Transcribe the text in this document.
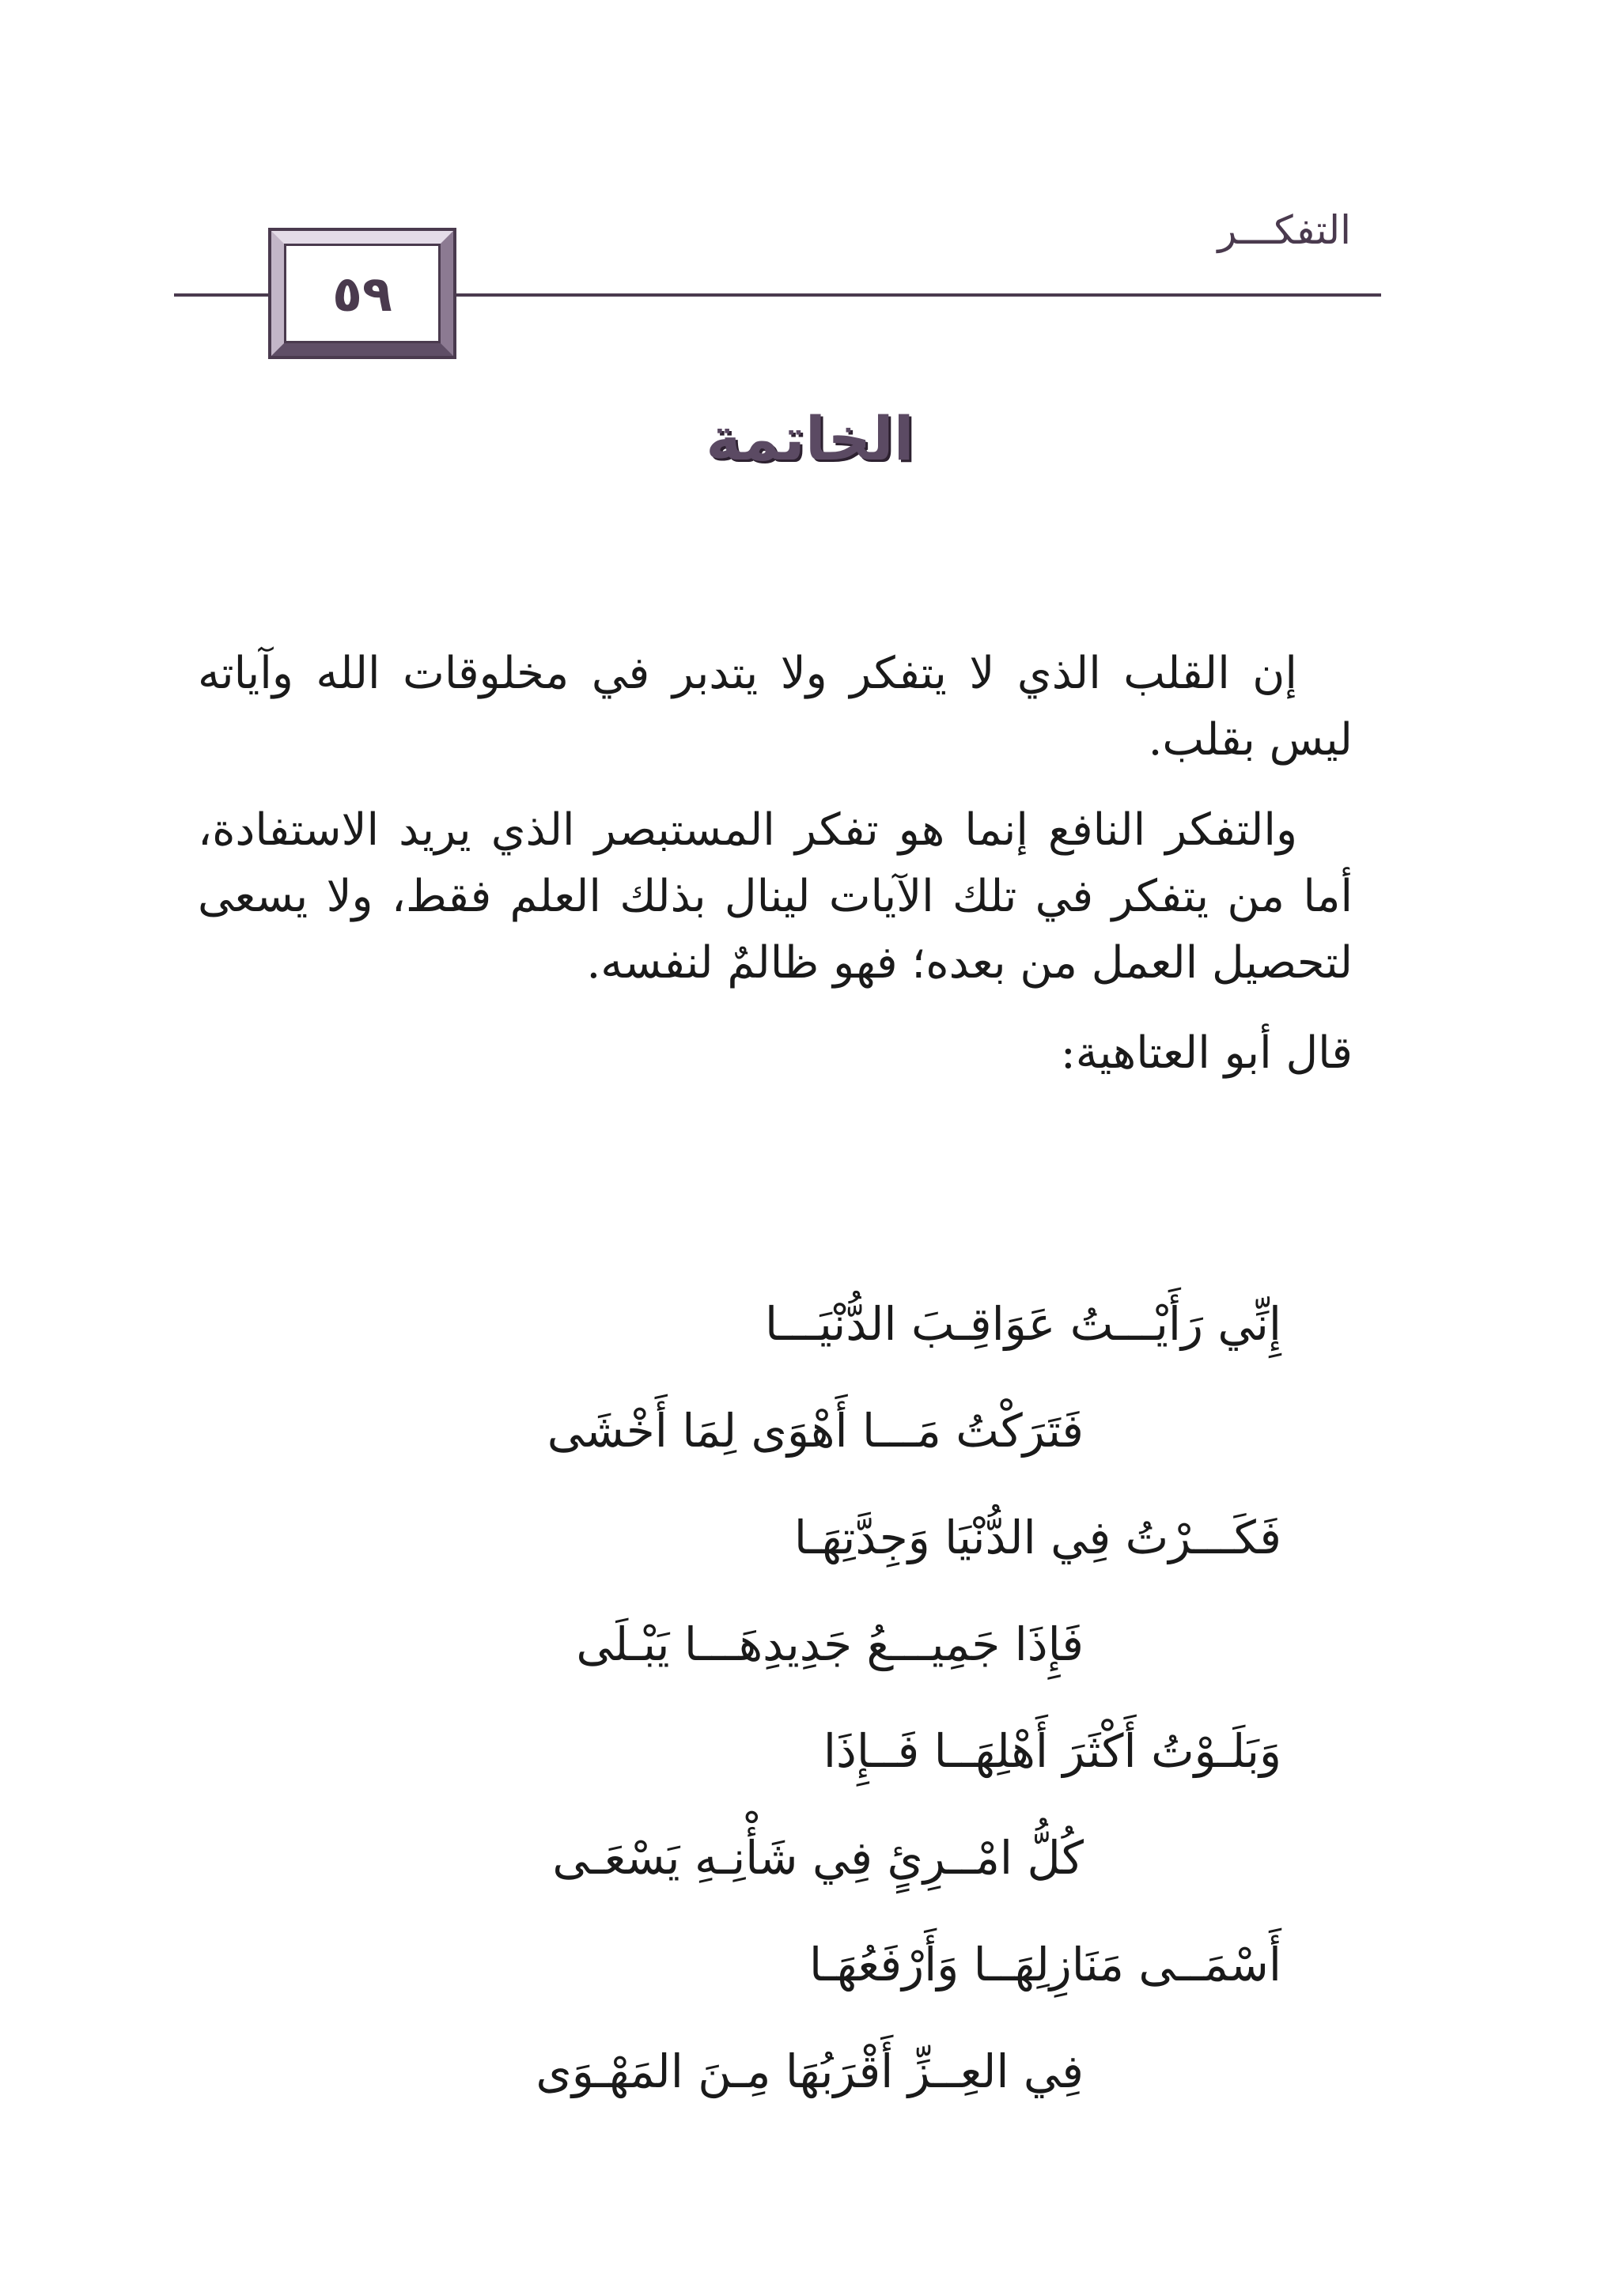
التفكـــر
٥٩
الخاتمة

إن القلب الذي لا يتفكر ولا يتدبر في مخلوقات الله وآياته ليس بقلب.

والتفكر النافع إنما هو تفكر المستبصر الذي يريد الاستفادة، أما من يتفكر في تلك الآيات لينال بذلك العلم فقط، ولا يسعى لتحصيل العمل من بعده؛ فهو ظالمٌ لنفسه.

قال أبو العتاهية:

إِنِّي رَأَيْـــتُ عَوَاقِـبَ الدُّنْيَـــا
فَتَرَكْتُ مَـــا أَهْوَى لِمَا أَخْشَى
فَكَـــرْتُ فِي الدُّنْيَا وَجِدَّتِهَـا
فَإِذَا جَمِيـــعُ جَدِيدِهَـــا يَبْـلَى
وَبَلَـوْتُ أَكْثَرَ أَهْلِهَــا فَــإِذَا
كُلُّ امْــرِئٍ فِي شَأْنِـهِ يَسْعَـى
أَسْمَــى مَنَازِلِهَــا وَأَرْفَعُهَـا
فِي العِــزِّ أَقْرَبُهَا مِـنَ المَهْـوَى
